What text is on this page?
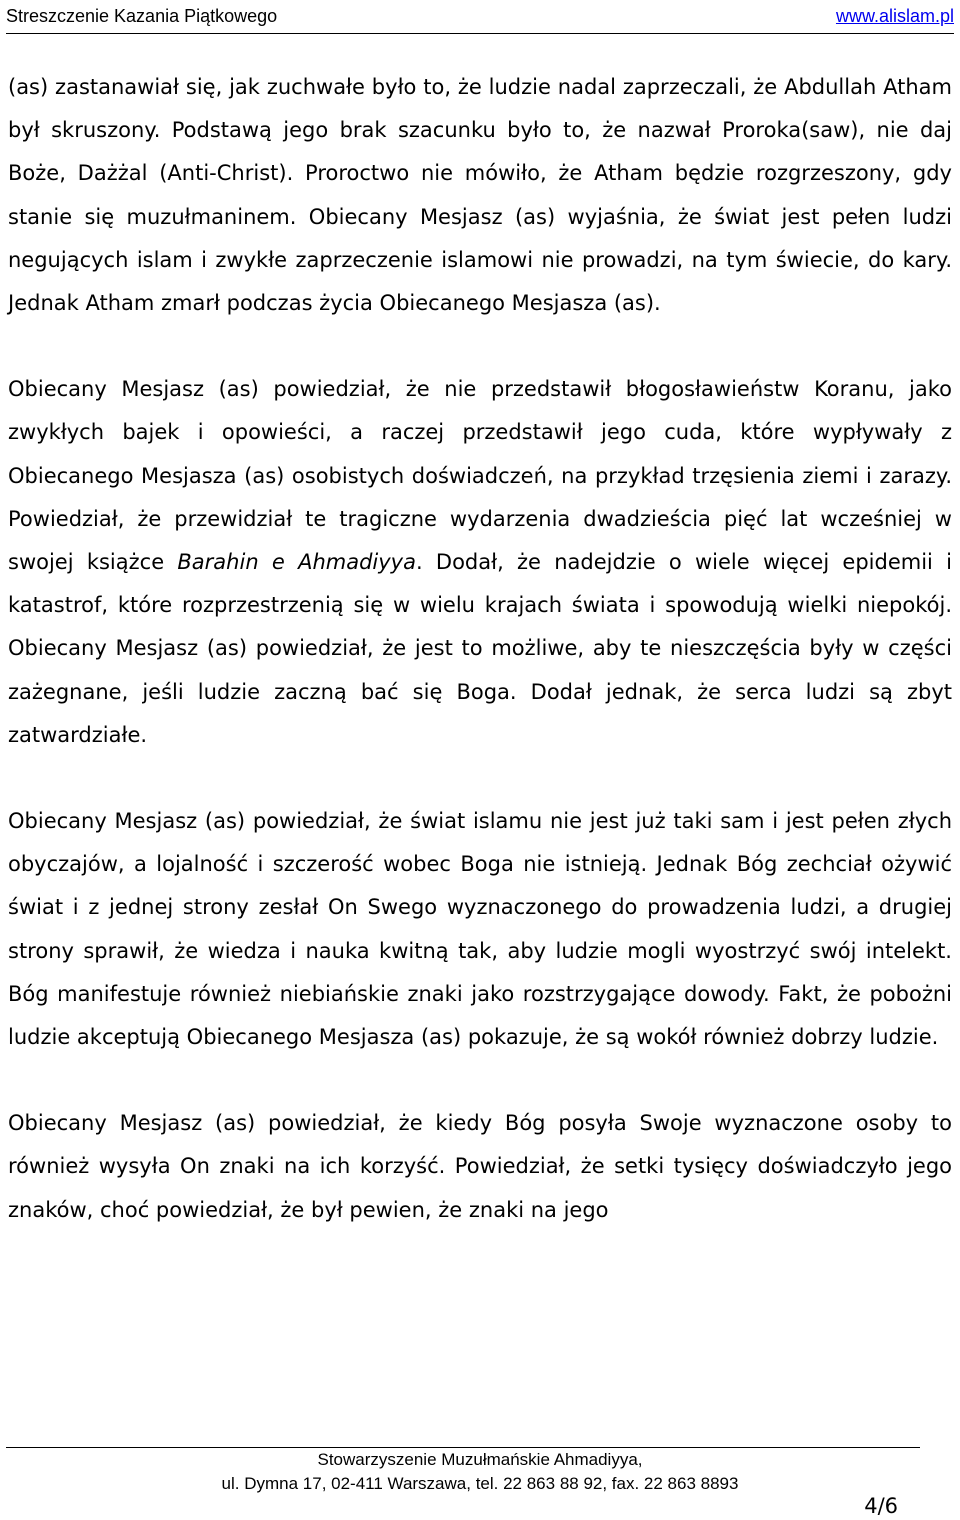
Streszczenie Kazania Piątkowego	www.alislam.pl

(as) zastanawiał się, jak zuchwałe było to, że ludzie nadal zaprzeczali, że Abdullah Atham był skruszony. Podstawą jego brak szacunku było to, że nazwał Proroka(saw), nie daj Boże, Dażżal (Anti-Christ). Proroctwo nie mówiło, że Atham będzie rozgrzeszony, gdy stanie się muzułmaninem. Obiecany Mesjasz (as) wyjaśnia, że świat jest pełen ludzi negujących islam i zwykłe zaprzeczenie islamowi nie prowadzi, na tym świecie, do kary. Jednak Atham zmarł podczas życia Obiecanego Mesjasza (as).

Obiecany Mesjasz (as) powiedział, że nie przedstawił błogosławieństw Koranu, jako zwykłych bajek i opowieści, a raczej przedstawił jego cuda, które wypływały z Obiecanego Mesjasza (as) osobistych doświadczeń, na przykład trzęsienia ziemi i zarazy. Powiedział, że przewidział te tragiczne wydarzenia dwadzieścia pięć lat wcześniej w swojej książce Barahin e Ahmadiyya. Dodał, że nadejdzie o wiele więcej epidemii i katastrof, które rozprzestrzenią się w wielu krajach świata i spowodują wielki niepokój. Obiecany Mesjasz (as) powiedział, że jest to możliwe, aby te nieszczęścia były w części zażegnane, jeśli ludzie zaczną bać się Boga. Dodał jednak, że serca ludzi są zbyt zatwardziałe.

Obiecany Mesjasz (as) powiedział, że świat islamu nie jest już taki sam i jest pełen złych obyczajów, a lojalność i szczerość wobec Boga nie istnieją. Jednak Bóg zechciał ożywić świat i z jednej strony zesłał On Swego wyznaczonego do prowadzenia ludzi, a drugiej strony sprawił, że wiedza i nauka kwitną tak, aby ludzie mogli wyostrzyć swój intelekt. Bóg manifestuje również niebiańskie znaki jako rozstrzygające dowody. Fakt, że pobożni ludzie akceptują Obiecanego Mesjasza (as) pokazuje, że są wokół również dobrzy ludzie.

Obiecany Mesjasz (as) powiedział, że kiedy Bóg posyła Swoje wyznaczone osoby to również wysyła On znaki na ich korzyść. Powiedział, że setki tysięcy doświadczyło jego znaków, choć powiedział, że był pewien, że znaki na jego

Stowarzyszenie Muzułmańskie Ahmadiyya,
ul. Dymna 17, 02-411 Warszawa, tel. 22 863 88 92, fax. 22 863 8893
4/6
